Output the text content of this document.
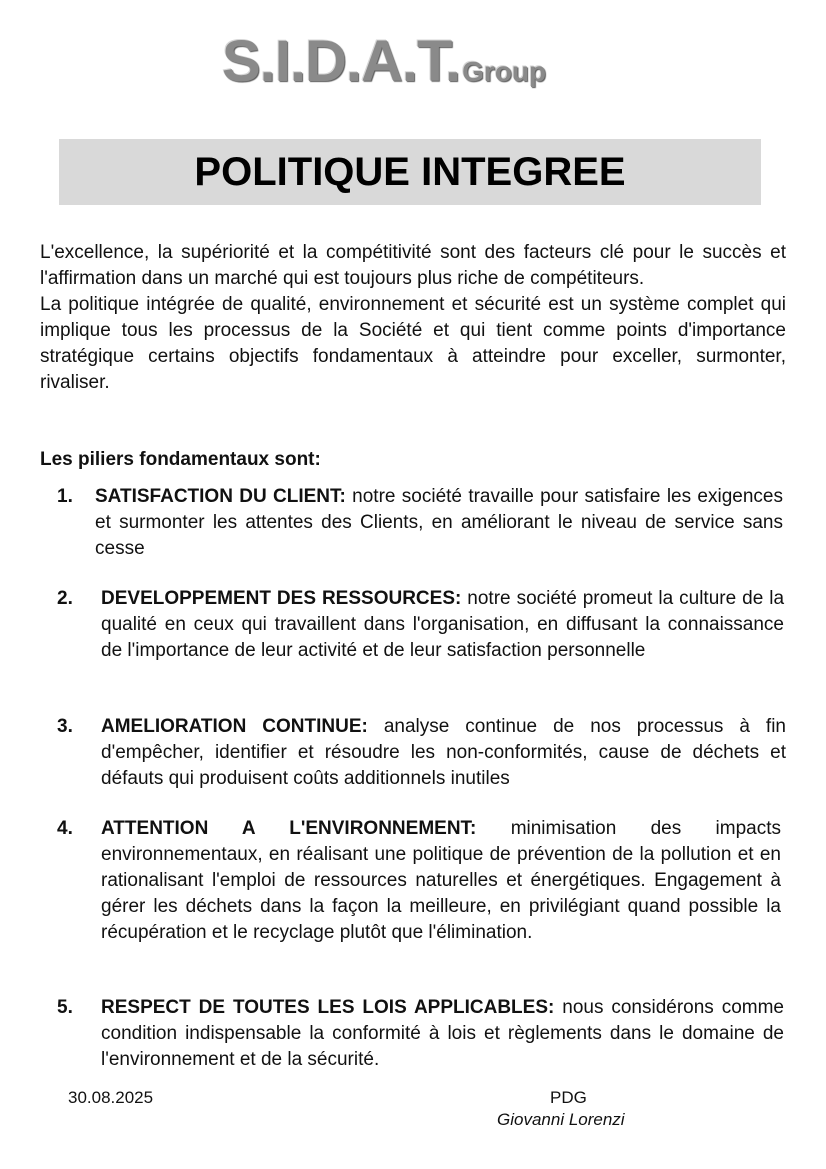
S.I.D.A.T.Group
POLITIQUE INTEGREE

L'excellence, la supériorité et la compétitivité sont des facteurs clé pour le succès et l'affirmation dans un marché qui est toujours plus riche de compétiteurs.

La politique intégrée de qualité, environnement et sécurité est un système complet qui implique tous les processus de la Société et qui tient comme points d'importance stratégique certains objectifs fondamentaux à atteindre pour exceller, surmonter, rivaliser.

Les piliers fondamentaux sont:

1. SATISFACTION DU CLIENT: notre société travaille pour satisfaire les exigences et surmonter les attentes des Clients, en améliorant le niveau de service sans cesse
2. DEVELOPPEMENT DES RESSOURCES: notre société promeut la culture de la qualité en ceux qui travaillent dans l'organisation, en diffusant la connaissance de l'importance de leur activité et de leur satisfaction personnelle
3. AMELIORATION CONTINUE: analyse continue de nos processus à fin d'empêcher, identifier et résoudre les non-conformités, cause de déchets et défauts qui produisent coûts additionnels inutiles
4. ATTENTION A L'ENVIRONNEMENT: minimisation des impacts environnementaux, en réalisant une politique de prévention de la pollution et en rationalisant l'emploi de ressources naturelles et énergétiques. Engagement à gérer les déchets dans la façon la meilleure, en privilégiant quand possible la récupération et le recyclage plutôt que l'élimination.
5. RESPECT DE TOUTES LES LOIS APPLICABLES: nous considérons comme condition indispensable la conformité à lois et règlements dans le domaine de l'environnement et de la sécurité.
30.08.2025	PDG
Giovanni Lorenzi
